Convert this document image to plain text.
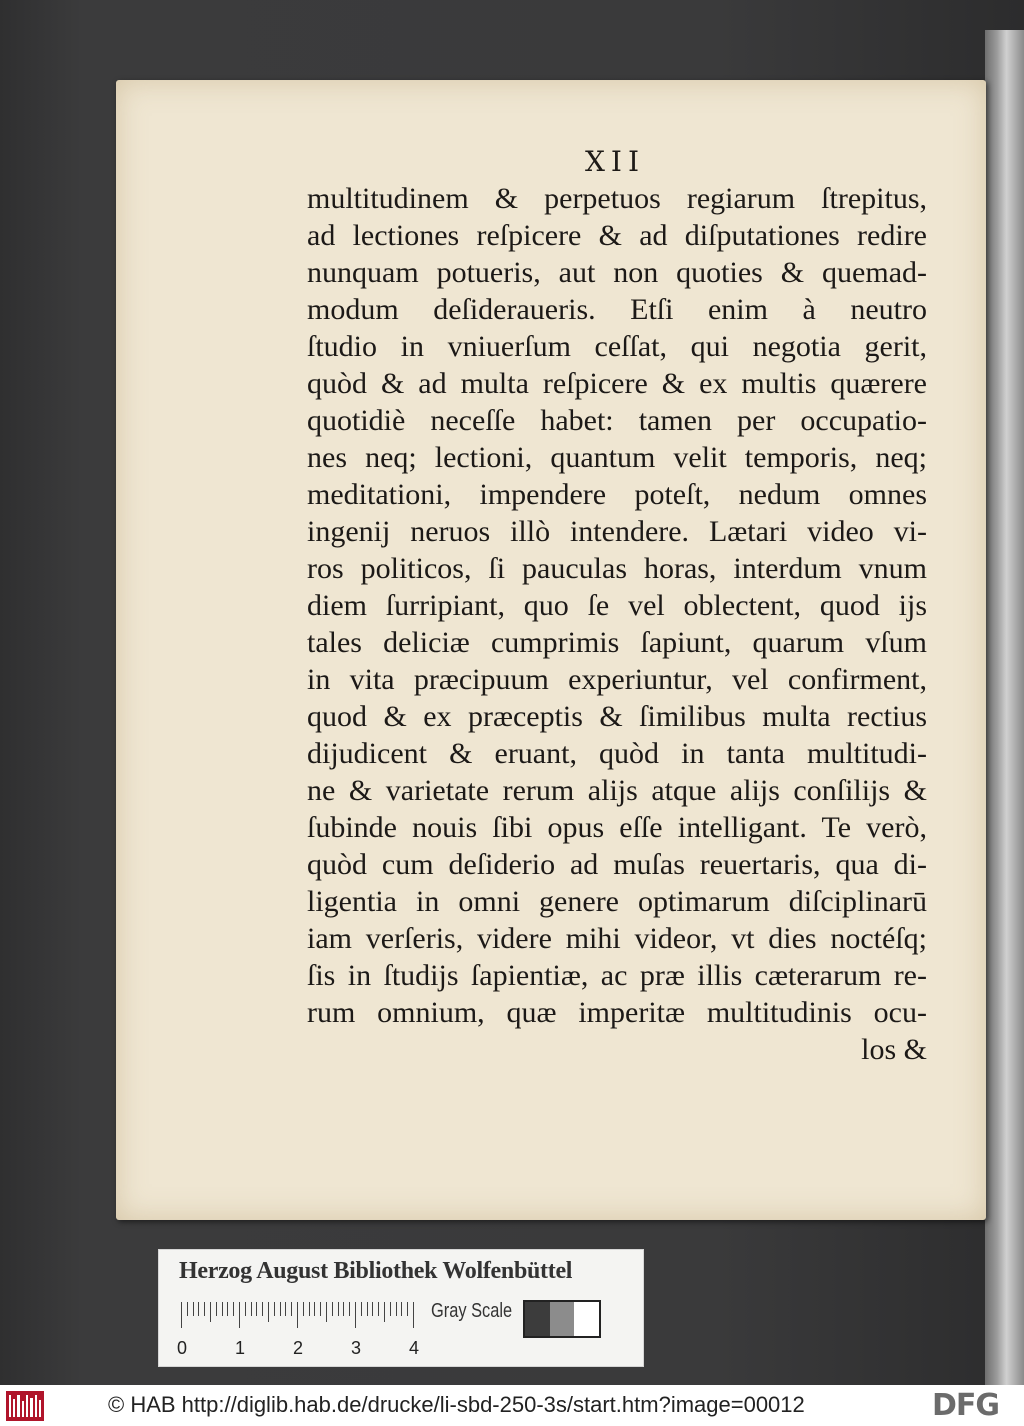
XII
multitudinem & perpetuos regiarum ſtrepitus,
ad lectiones reſpicere & ad diſputationes redire
nunquam potueris, aut non quoties & quemad-
modum deſideraueris. Etſi enim à neutro
ſtudio in vniuerſum ceſſat, qui negotia gerit,
quòd & ad multa reſpicere & ex multis quærere
quotidiè neceſſe habet: tamen per occupatio-
nes neq; lectioni, quantum velit temporis, neq;
meditationi, impendere poteſt, nedum omnes
ingenij neruos illò intendere. Lætari video vi-
ros politicos, ſi pauculas horas, interdum vnum
diem ſurripiant, quo ſe vel oblectent, quod ijs
tales deliciæ cumprimis ſapiunt, quarum vſum
in vita præcipuum experiuntur, vel confirment,
quod & ex præceptis & ſimilibus multa rectius
dijudicent & eruant, quòd in tanta multitudi-
ne & varietate rerum alijs atque alijs conſilijs &
ſubinde nouis ſibi opus eſſe intelligant. Te verò,
quòd cum deſiderio ad muſas reuertaris, qua di-
ligentia in omni genere optimarum diſciplinarū
iam verſeris, videre mihi videor, vt dies noctéſq;
ſis in ſtudijs ſapientiæ, ac præ illis cæterarum re-
rum omnium, quæ imperitæ multitudinis ocu-
los &
Herzog August Bibliothek Wolfenbüttel
0	1	2	3	4
Gray Scale
© HAB http://diglib.hab.de/drucke/li-sbd-250-3s/start.htm?image=00012	DFG
